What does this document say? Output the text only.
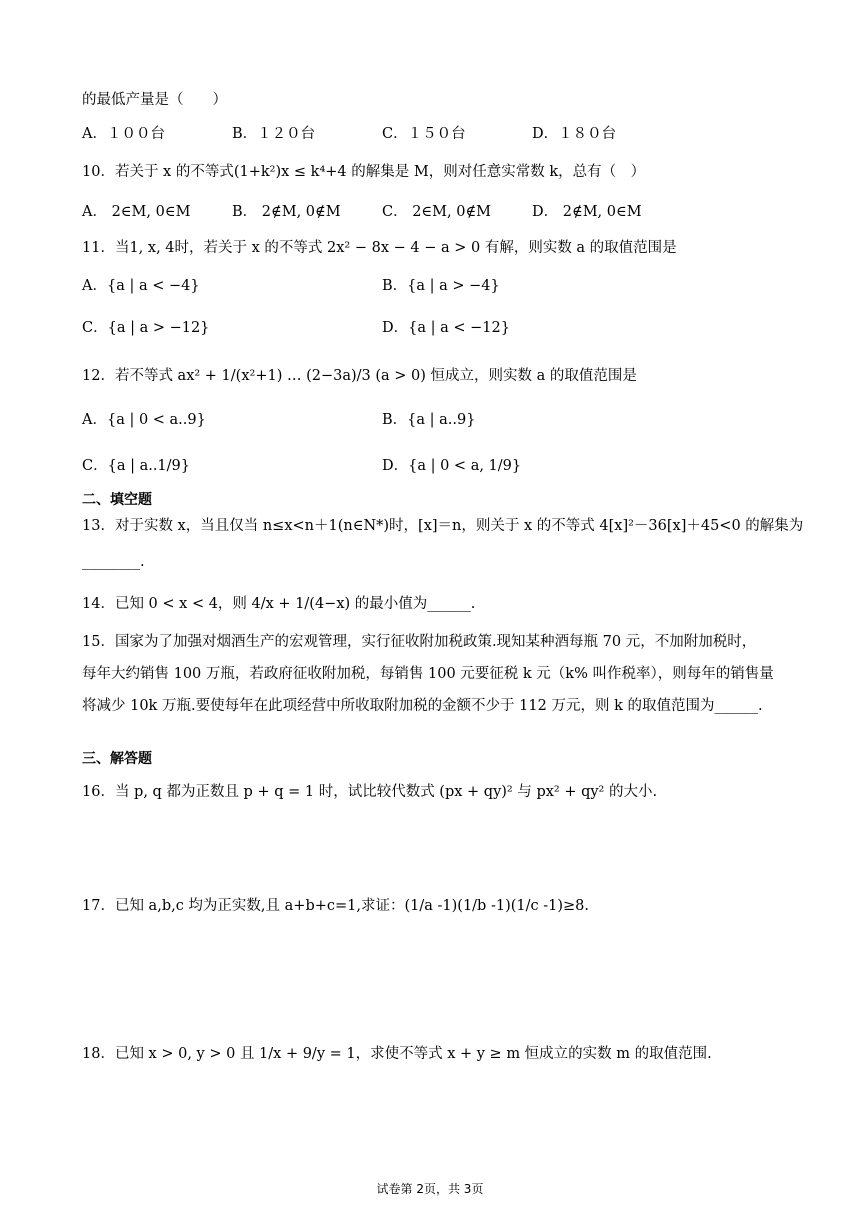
的最低产量是（　　）
A．１００台	B．１２０台	C．１５０台	D．１８０台
10．若关于 x 的不等式(1+k²)x ≤ k⁴+4 的解集是 M，则对任意实常数 k，总有（　）
A． 2∈M, 0∈M	B． 2∉M, 0∉M	C． 2∈M, 0∉M	D． 2∉M, 0∈M
11．当1, x, 4时，若关于 x 的不等式 2x² − 8x − 4 − a > 0 有解，则实数 a 的取值范围是
A．{a | a < −4}	B．{a | a > −4}
C．{a | a > −12}	D．{a | a < −12}
12．若不等式 ax² + 1/(x²+1) … (2−3a)/3 (a > 0) 恒成立，则实数 a 的取值范围是
A．{a | 0 < a..9}	B．{a | a..9}
C．{a | a..1/9}	D．{a | 0 < a, 1/9}
二、填空题
13．对于实数 x，当且仅当 n≤x<n＋1(n∈N*)时，[x]＝n，则关于 x 的不等式 4[x]²－36[x]＋45<0 的解集为
________.
14．已知 0 < x < 4，则 4/x + 1/(4−x) 的最小值为______.
15．国家为了加强对烟酒生产的宏观管理，实行征收附加税政策.现知某种酒每瓶 70 元，不加附加税时，
每年大约销售 100 万瓶，若政府征收附加税，每销售 100 元要征税 k 元（k% 叫作税率），则每年的销售量
将减少 10k 万瓶.要使每年在此项经营中所收取附加税的金额不少于 112 万元，则 k 的取值范围为______.
三、解答题
16．当 p, q 都为正数且 p + q = 1 时，试比较代数式 (px + qy)² 与 px² + qy² 的大小.
17．已知 a,b,c 均为正实数,且 a+b+c=1,求证：(1/a -1)(1/b -1)(1/c -1)≥8.
18．已知 x > 0, y > 0 且 1/x + 9/y = 1，求使不等式 x + y ≥ m 恒成立的实数 m 的取值范围.
试卷第 2页，共 3页
